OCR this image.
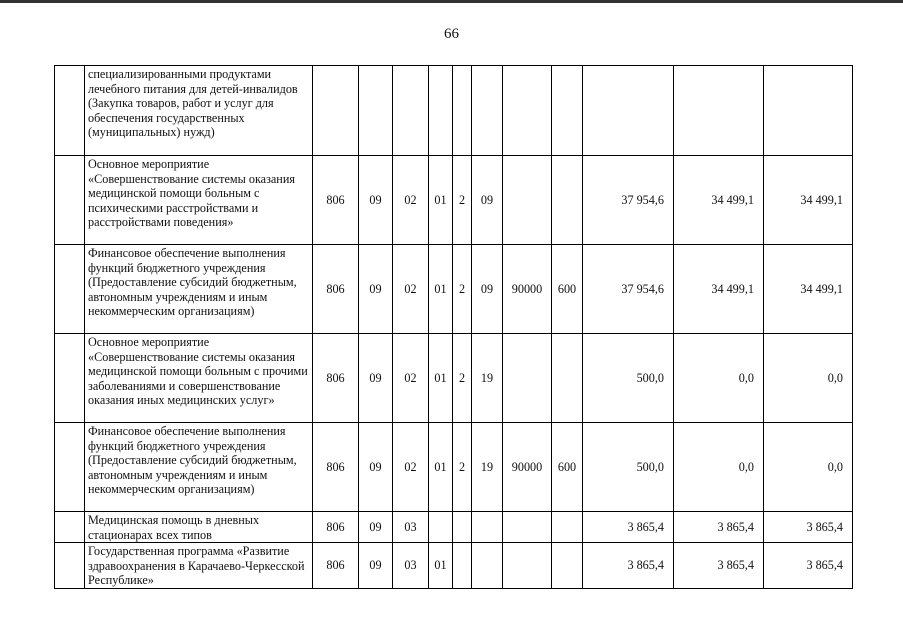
66
	специализированными продуктами лечебного питания для детей-инвалидов (Закупка товаров, работ и услуг для обеспечения государственных (муниципальных) нужд)											
	Основное мероприятие «Совершенствование системы оказания медицинской помощи больным с психическими расстройствами и расстройствами поведения»	806	09	02	01	2	09			37 954,6	34 499,1	34 499,1
	Финансовое обеспечение выполнения функций бюджетного учреждения (Предоставление субсидий бюджетным, автономным учреждениям и иным некоммерческим организациям)	806	09	02	01	2	09	90000	600	37 954,6	34 499,1	34 499,1
	Основное мероприятие «Совершенствование системы оказания медицинской помощи больным с прочими заболеваниями и совершенствование оказания иных медицинских услуг»	806	09	02	01	2	19			500,0	0,0	0,0
	Финансовое обеспечение выполнения функций бюджетного учреждения (Предоставление субсидий бюджетным, автономным учреждениям и иным некоммерческим организациям)	806	09	02	01	2	19	90000	600	500,0	0,0	0,0
	Медицинская помощь в дневных стационарах всех типов	806	09	03						3 865,4	3 865,4	3 865,4
	Государственная программа «Развитие здравоохранения в Карачаево-Черкесской Республике»	806	09	03	01					3 865,4	3 865,4	3 865,4
